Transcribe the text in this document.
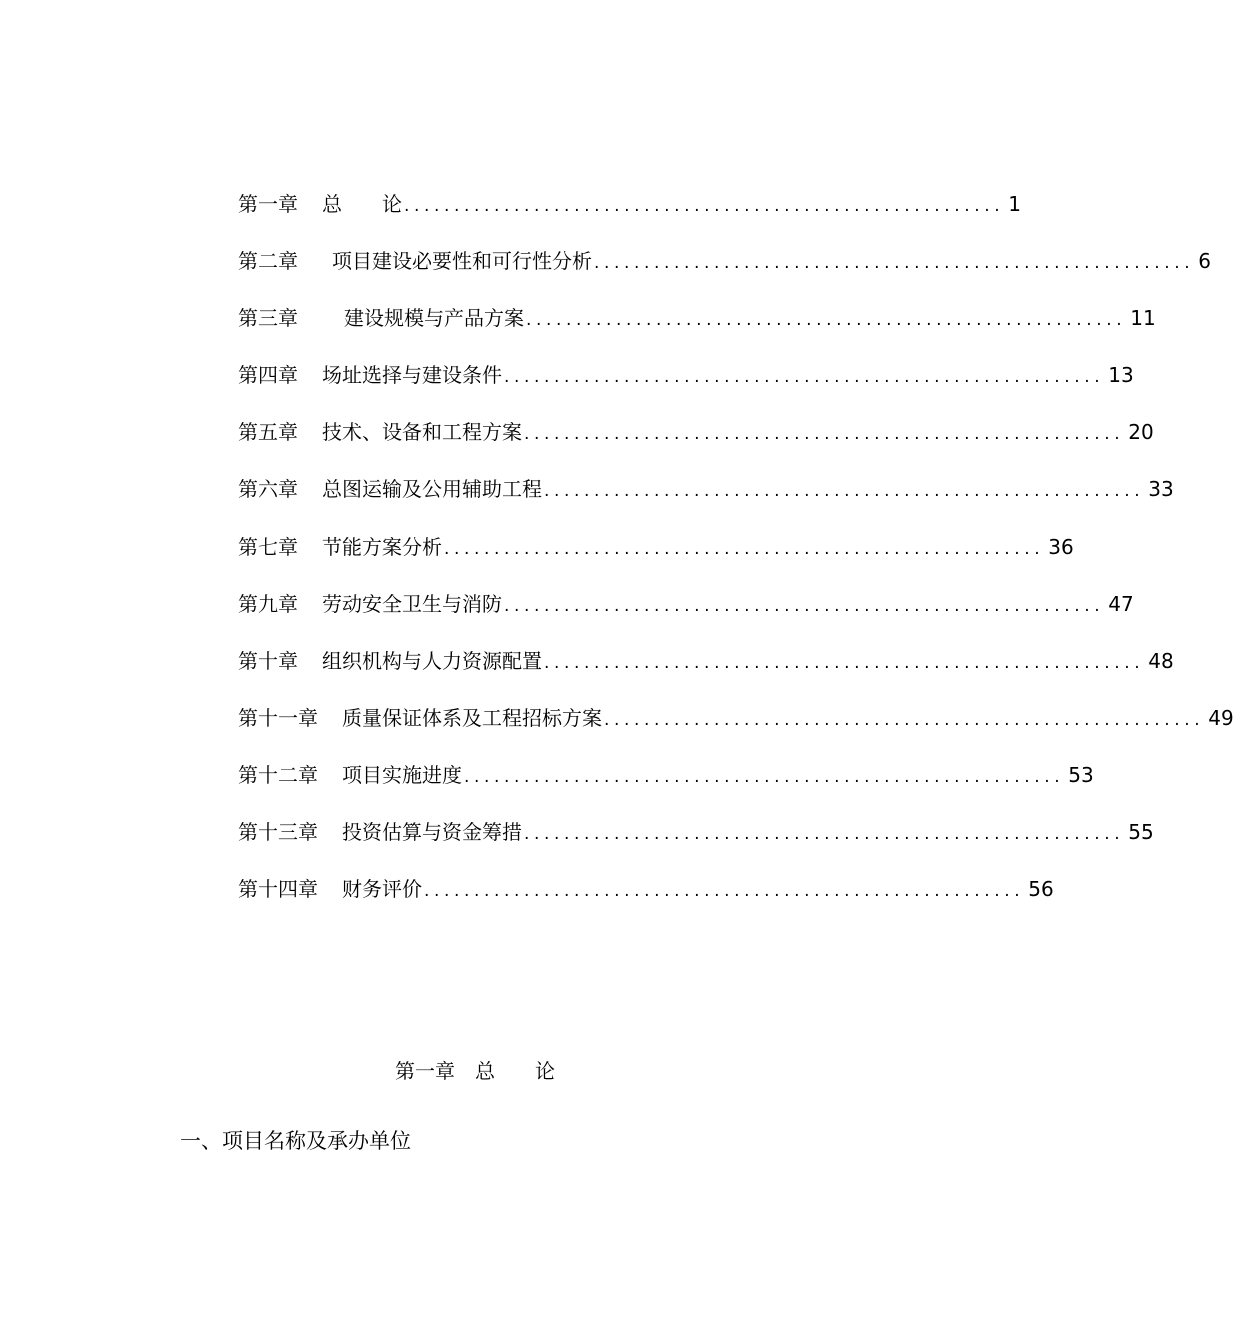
第一章 总　　论 ............................................................ 1
第二章 项目建设必要性和可行性分析 ............................................................ 6
第三章 建设规模与产品方案 ............................................................ 11
第四章 场址选择与建设条件 ............................................................ 13
第五章 技术、设备和工程方案 ............................................................ 20
第六章 总图运输及公用辅助工程 ............................................................ 33
第七章 节能方案分析 ............................................................ 36
第九章 劳动安全卫生与消防 ............................................................ 47
第十章 组织机构与人力资源配置 ............................................................ 48
第十一章 质量保证体系及工程招标方案 ............................................................ 49
第十二章 项目实施进度 ............................................................ 53
第十三章 投资估算与资金筹措 ............................................................ 55
第十四章 财务评价 ............................................................ 56
第一章　总　　论
一、项目名称及承办单位
